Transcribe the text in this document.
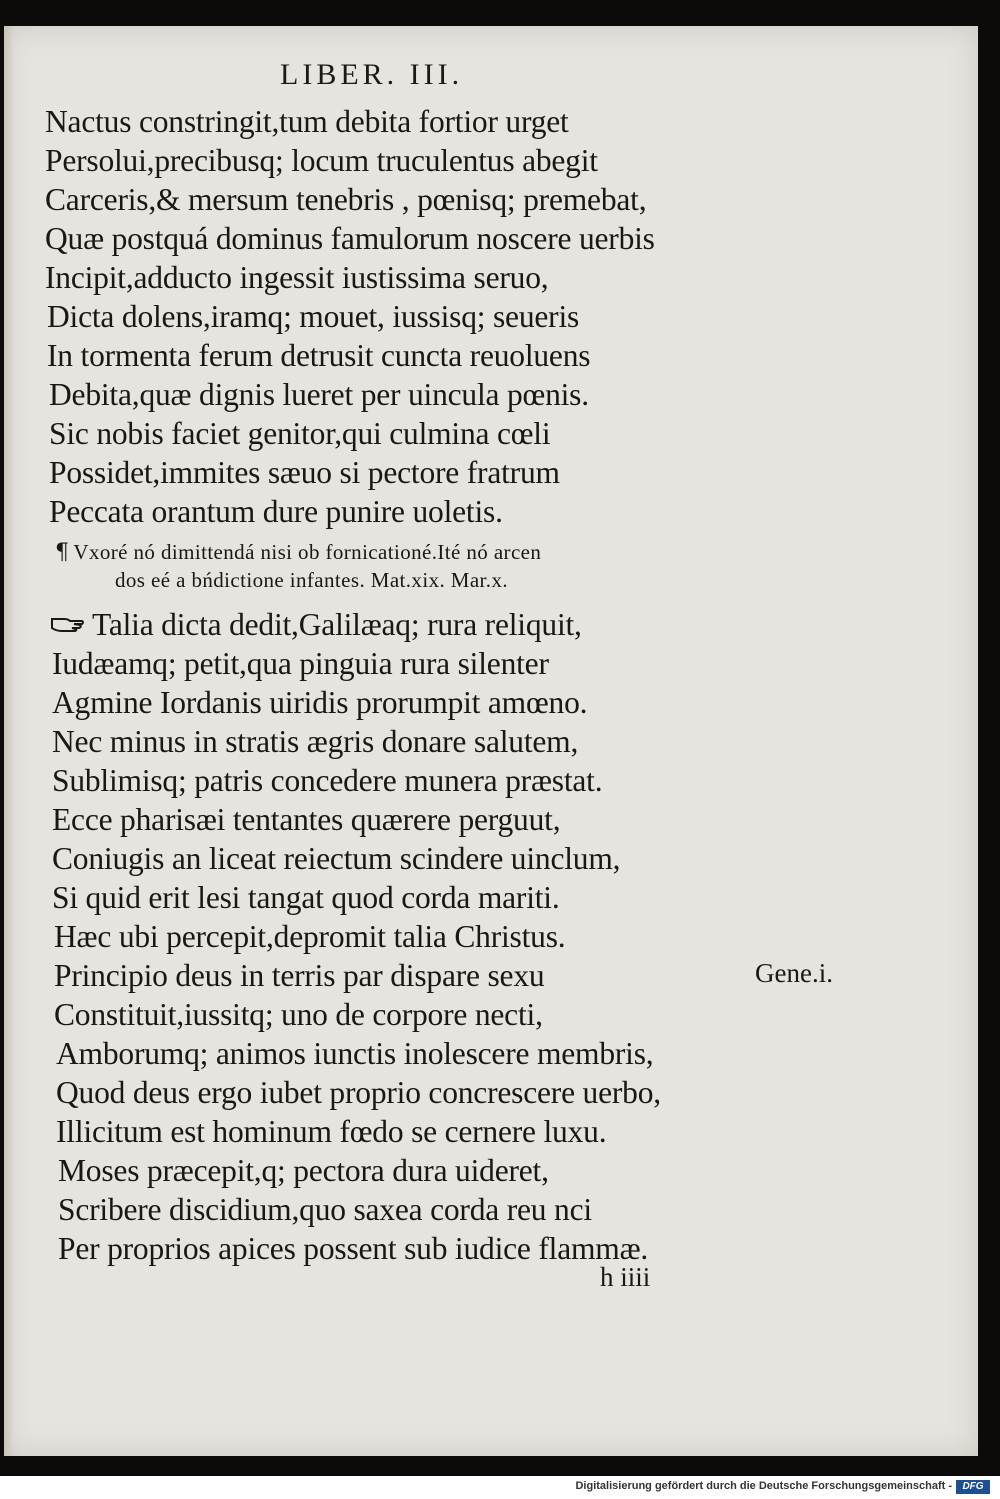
LIBER. III.
Nactus constringit,tum debita fortior urget
Persolui,precibusq; locum truculentus abegit
Carceris,& mersum tenebris , pœnisq; premebat,
Quæ postquá dominus famulorum noscere uerbis
Incipit,adducto ingessit iustissima seruo,
Dicta dolens,iramq; mouet, iussisq; seueris
In tormenta ferum detrusit cuncta reuoluens
Debita,quæ dignis lueret per uincula pœnis.
Sic nobis faciet genitor,qui culmina cœli
Possidet,immites sæuo si pectore fratrum
Peccata orantum dure punire uoletis.
¶ Vxoré nó dimittendá nisi ob fornicationé.Ité nó arcen
dos eé a bńdictione infantes. Mat.xix. Mar.x.
Talia dicta dedit,Galilæaq; rura reliquit,
Iudæamq; petit,qua pinguia rura silenter
Agmine Iordanis uiridis prorumpit amœno.
Nec minus in stratis ægris donare salutem,
Sublimisq; patris concedere munera præstat.
Ecce pharisæi tentantes quærere perguut,
Coniugis an liceat reiectum scindere uinclum,
Si quid erit lesi tangat quod corda mariti.
Hæc ubi percepit,depromit talia Christus.
Principio deus in terris par dispare sexu
Constituit,iussitq; uno de corpore necti,
Amborumq; animos iunctis inolescere membris,
Quod deus ergo iubet proprio concrescere uerbo,
Illicitum est hominum fœdo se cernere luxu.
Moses præcepit,q; pectora dura uideret,
Scribere discidium,quo saxea corda reu nci
Per proprios apices possent sub iudice flammæ.
Gene.i.
h iiii
Digitalisierung gefördert durch die Deutsche Forschungsgemeinschaft -	DFG
